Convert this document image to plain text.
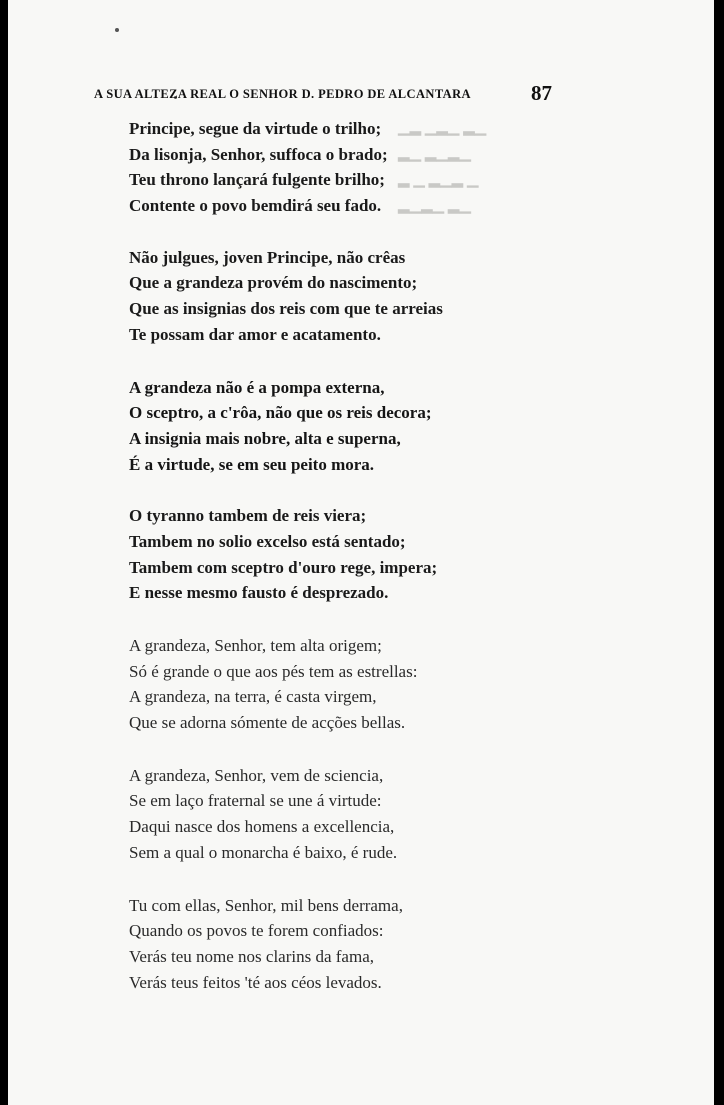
A SUA ALTEZA REAL O SENHOR D. PEDRO DE ALCANTARA	87
▁▂ ▁▂▁ ▂▁
▁▂▁▂ ▁▂
▁ ▂▁▂ ▁ ▂
▁▂ ▁▂▁▂
Principe, segue da virtude o trilho;
Da lisonja, Senhor, suffoca o brado;
Teu throno lançará fulgente brilho;
Contente o povo bemdirá seu fado.
Não julgues, joven Principe, não crêas
Que a grandeza provém do nascimento;
Que as insignias dos reis com que te arreias
Te possam dar amor e acatamento.
A grandeza não é a pompa externa,
O sceptro, a c'rôa, não que os reis decora;
A insignia mais nobre, alta e superna,
É a virtude, se em seu peito mora.
O tyranno tambem de reis viera;
Tambem no solio excelso está sentado;
Tambem com sceptro d'ouro rege, impera;
E nesse mesmo fausto é desprezado.
A grandeza, Senhor, tem alta origem;
Só é grande o que aos pés tem as estrellas:
A grandeza, na terra, é casta virgem,
Que se adorna sómente de acções bellas.
A grandeza, Senhor, vem de sciencia,
Se em laço fraternal se une á virtude:
Daqui nasce dos homens a excellencia,
Sem a qual o monarcha é baixo, é rude.
Tu com ellas, Senhor, mil bens derrama,
Quando os povos te forem confiados:
Verás teu nome nos clarins da fama,
Verás teus feitos 'té aos céos levados.
